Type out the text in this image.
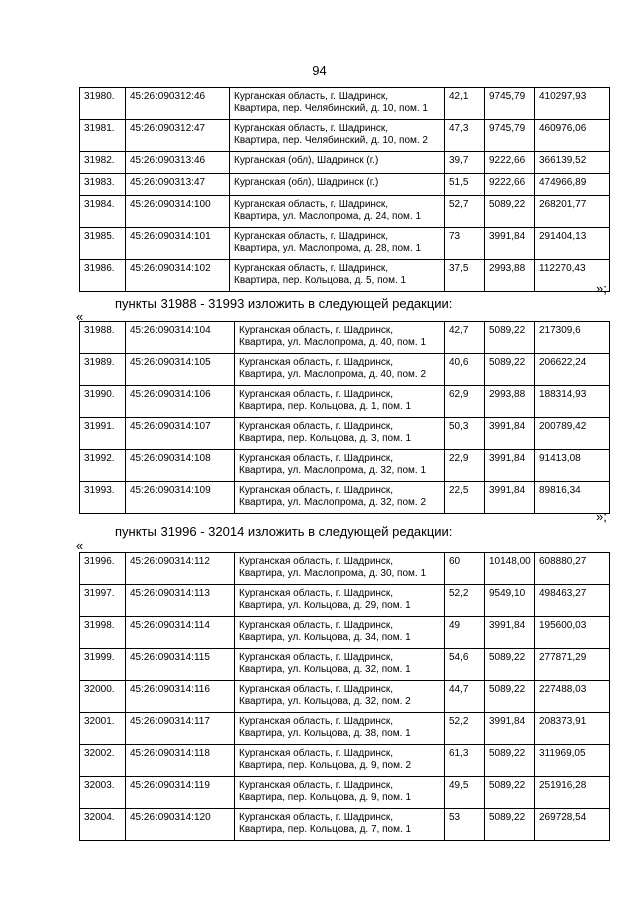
94
31980.	45:26:090312:46	Курганская область, г. Шадринск,
Квартира, пер. Челябинский, д. 10, пом. 1	42,1	9745,79	410297,93
31981.	45:26:090312:47	Курганская область, г. Шадринск,
Квартира, пер. Челябинский, д. 10, пом. 2	47,3	9745,79	460976,06
31982.	45:26:090313:46	Курганская (обл), Шадринск (г.)	39,7	9222,66	366139,52
31983.	45:26:090313:47	Курганская (обл), Шадринск (г.)	51,5	9222,66	474966,89
31984.	45:26:090314:100	Курганская область, г. Шадринск,
Квартира, ул. Маслопрома, д. 24, пом. 1	52,7	5089,22	268201,77
31985.	45:26:090314:101	Курганская область, г. Шадринск,
Квартира, ул. Маслопрома, д. 28, пом. 1	73	3991,84	291404,13
31986.	45:26:090314:102	Курганская область, г. Шадринск,
Квартира, пер. Кольцова, д. 5, пом. 1	37,5	2993,88	112270,43
»;
пункты 31988 - 31993 изложить в следующей редакции:
«
31988.	45:26:090314:104	Курганская область, г. Шадринск,
Квартира, ул. Маслопрома, д. 40, пом. 1	42,7	5089,22	217309,6
31989.	45:26:090314:105	Курганская область, г. Шадринск,
Квартира, ул. Маслопрома, д. 40, пом. 2	40,6	5089,22	206622,24
31990.	45:26:090314:106	Курганская область, г. Шадринск,
Квартира, пер. Кольцова, д. 1, пом. 1	62,9	2993,88	188314,93
31991.	45:26:090314:107	Курганская область, г. Шадринск,
Квартира, пер. Кольцова, д. 3, пом. 1	50,3	3991,84	200789,42
31992.	45:26:090314:108	Курганская область, г. Шадринск,
Квартира, ул. Маслопрома, д. 32, пом. 1	22,9	3991,84	91413,08
31993.	45:26:090314:109	Курганская область, г. Шадринск,
Квартира, ул. Маслопрома, д. 32, пом. 2	22,5	3991,84	89816,34
»;
пункты 31996 - 32014 изложить в следующей редакции:
«
31996.	45:26:090314:112	Курганская область, г. Шадринск,
Квартира, ул. Маслопрома, д. 30, пом. 1	60	10148,00	608880,27
31997.	45:26:090314:113	Курганская область, г. Шадринск,
Квартира, ул. Кольцова, д. 29, пом. 1	52,2	9549,10	498463,27
31998.	45:26:090314:114	Курганская область, г. Шадринск,
Квартира, ул. Кольцова, д. 34, пом. 1	49	3991,84	195600,03
31999.	45:26:090314:115	Курганская область, г. Шадринск,
Квартира, ул. Кольцова, д. 32, пом. 1	54,6	5089,22	277871,29
32000.	45:26:090314:116	Курганская область, г. Шадринск,
Квартира, ул. Кольцова, д. 32, пом. 2	44,7	5089,22	227488,03
32001.	45:26:090314:117	Курганская область, г. Шадринск,
Квартира, ул. Кольцова, д. 38, пом. 1	52,2	3991,84	208373,91
32002.	45:26:090314:118	Курганская область, г. Шадринск,
Квартира, пер. Кольцова, д. 9, пом. 2	61,3	5089,22	311969,05
32003.	45:26:090314:119	Курганская область, г. Шадринск,
Квартира, пер. Кольцова, д. 9, пом. 1	49,5	5089,22	251916,28
32004.	45:26:090314:120	Курганская область, г. Шадринск,
Квартира, пер. Кольцова, д. 7, пом. 1	53	5089,22	269728,54
